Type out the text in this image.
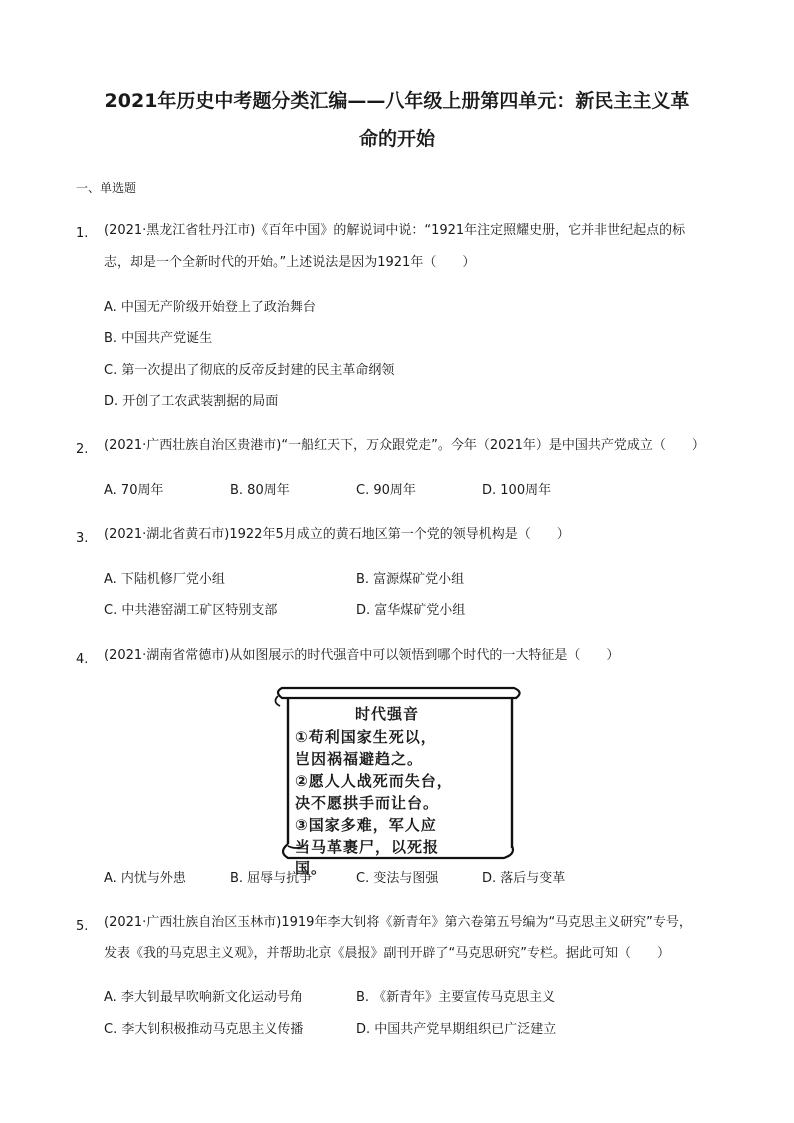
2021年历史中考题分类汇编——八年级上册第四单元：新民主主义革
命的开始
一、单选题
1. (2021·黑龙江省牡丹江市)《百年中国》的解说词中说：“1921年注定照耀史册，它并非世纪起点的标
志，却是一个全新时代的开始。”上述说法是因为1921年（　　）
A. 中国无产阶级开始登上了政治舞台
B. 中国共产党诞生
C. 第一次提出了彻底的反帝反封建的民主革命纲领
D. 开创了工农武装割据的局面
2. (2021·广西壮族自治区贵港市)“一船红天下，万众跟党走”。今年（2021年）是中国共产党成立（　　）
A. 70周年	B. 80周年	C. 90周年	D. 100周年
3. (2021·湖北省黄石市)1922年5月成立的黄石地区第一个党的领导机构是（　　）
A. 下陆机修厂党小组	B. 富源煤矿党小组
C. 中共港窑湖工矿区特别支部	D. 富华煤矿党小组
4. (2021·湖南省常德市)从如图展示的时代强音中可以领悟到哪个时代的一大特征是（　　）
时代强音
①苟利国家生死以，
岂因祸福避趋之。
②愿人人战死而失台，
决不愿拱手而让台。
③国家多难，军人应
当马革裹尸，以死报
国。
A. 内忧与外患	B. 屈辱与抗争	C. 变法与图强	D. 落后与变革
5. (2021·广西壮族自治区玉林市)1919年李大钊将《新青年》第六卷第五号编为“马克思主义研究”专号，
发表《我的马克思主义观》，并帮助北京《晨报》副刊开辟了“马克思研究”专栏。据此可知（　　）
A. 李大钊最早吹响新文化运动号角	B. 《新青年》主要宣传马克思主义
C. 李大钊积极推动马克思主义传播	D. 中国共产党早期组织已广泛建立
